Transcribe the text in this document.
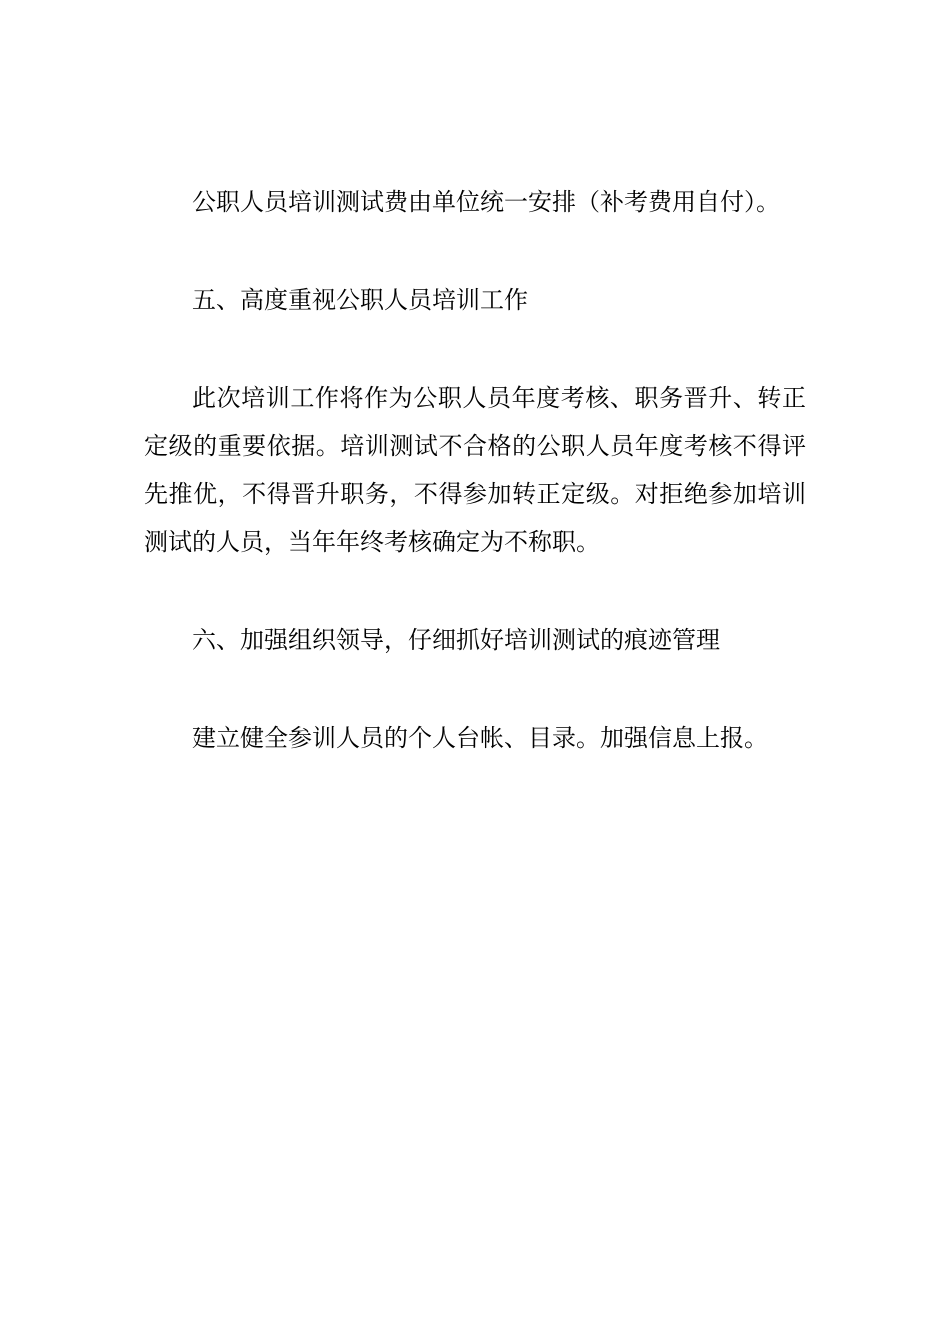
公职人员培训测试费由单位统一安排（补考费用自付）。

五、高度重视公职人员培训工作

此次培训工作将作为公职人员年度考核、职务晋升、转正定级的重要依据。培训测试不合格的公职人员年度考核不得评先推优，不得晋升职务，不得参加转正定级。对拒绝参加培训测试的人员，当年年终考核确定为不称职。

六、加强组织领导，仔细抓好培训测试的痕迹管理

建立健全参训人员的个人台帐、目录。加强信息上报。
